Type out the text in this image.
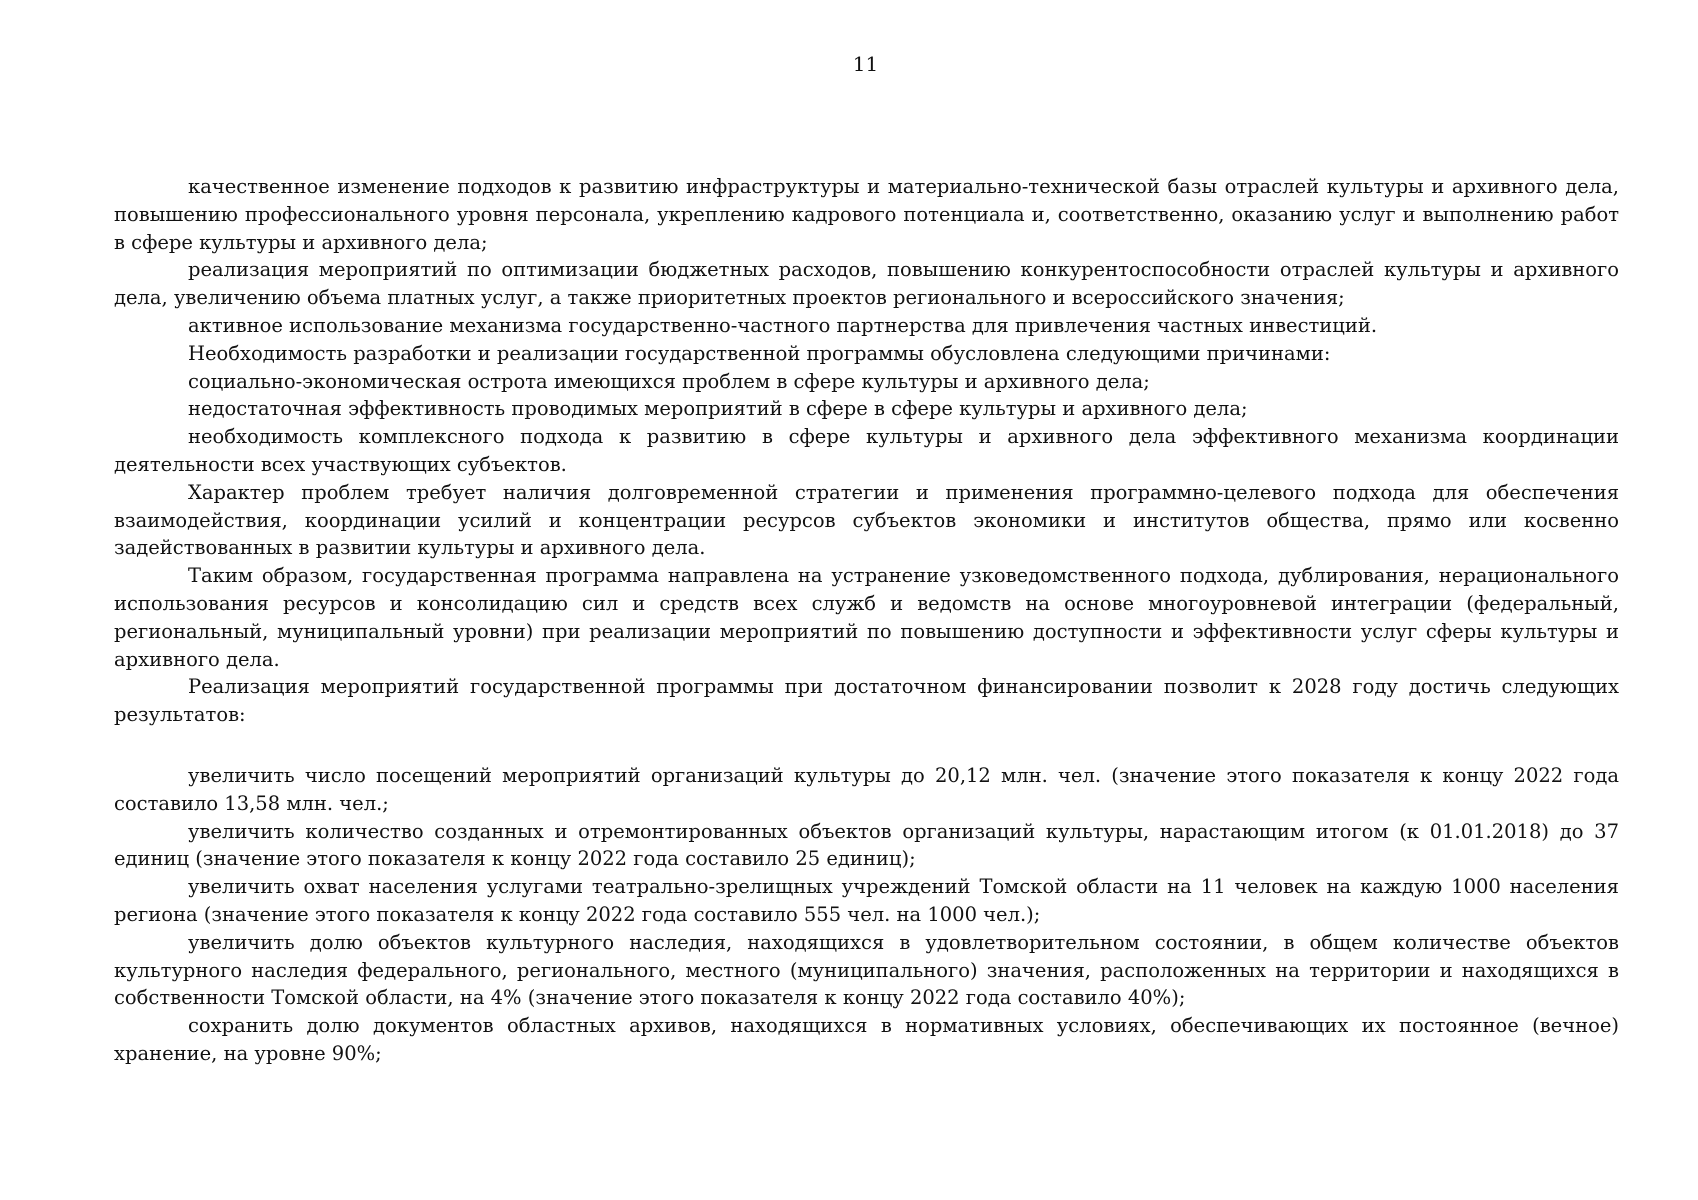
11

качественное изменение подходов к развитию инфраструктуры и материально-технической базы отраслей культуры и архивного дела, повышению профессионального уровня персонала, укреплению кадрового потенциала и, соответственно, оказанию услуг и выполнению работ в сфере культуры и архивного дела;

реализация мероприятий по оптимизации бюджетных расходов, повышению конкурентоспособности отраслей культуры и архивного дела, увеличению объема платных услуг, а также приоритетных проектов регионального и всероссийского значения;

активное использование механизма государственно-частного партнерства для привлечения частных инвестиций.

Необходимость разработки и реализации государственной программы обусловлена следующими причинами:

социально-экономическая острота имеющихся проблем в сфере культуры и архивного дела;

недостаточная эффективность проводимых мероприятий в сфере в сфере культуры и архивного дела;

необходимость комплексного подхода к развитию в сфере культуры и архивного дела эффективного механизма координации деятельности всех участвующих субъектов.

Характер проблем требует наличия долговременной стратегии и применения программно-целевого подхода для обеспечения взаимодействия, координации усилий и концентрации ресурсов субъектов экономики и институтов общества, прямо или косвенно задействованных в развитии культуры и архивного дела.

Таким образом, государственная программа направлена на устранение узковедомственного подхода, дублирования, нерационального использования ресурсов и консолидацию сил и средств всех служб и ведомств на основе многоуровневой интеграции (федеральный, региональный, муниципальный уровни) при реализации мероприятий по повышению доступности и эффективности услуг сферы культуры и архивного дела.

Реализация мероприятий государственной программы при достаточном финансировании позволит к 2028 году достичь следующих результатов:

увеличить число посещений мероприятий организаций культуры до 20,12 млн. чел. (значение этого показателя к концу 2022 года составило 13,58 млн. чел.;

увеличить количество созданных и отремонтированных объектов организаций культуры, нарастающим итогом (к 01.01.2018) до 37 единиц (значение этого показателя к концу 2022 года составило 25 единиц);

увеличить охват населения услугами театрально-зрелищных учреждений Томской области на 11 человек на каждую 1000 населения региона (значение этого показателя к концу 2022 года составило 555 чел. на 1000 чел.);

увеличить долю объектов культурного наследия, находящихся в удовлетворительном состоянии, в общем количестве объектов культурного наследия федерального, регионального, местного (муниципального) значения, расположенных на территории и находящихся в собственности Томской области, на 4% (значение этого показателя к концу 2022 года составило 40%);

сохранить долю документов областных архивов, находящихся в нормативных условиях, обеспечивающих их постоянное (вечное) хранение, на уровне 90%;
